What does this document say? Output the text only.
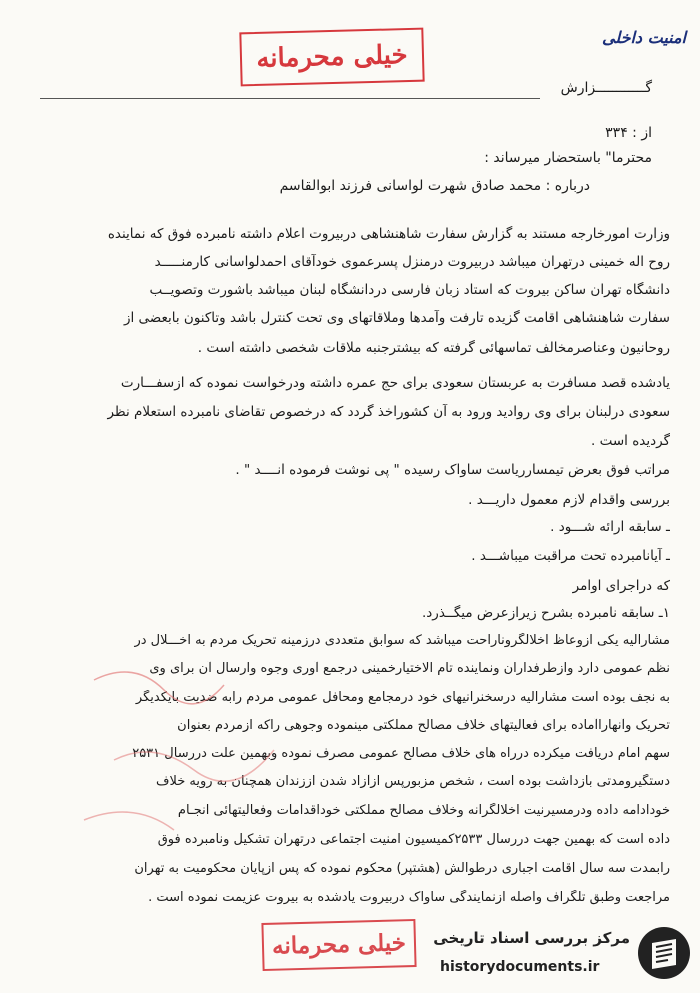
امنیت داخلی
خیلی محرمانه
گــــــــــــزارش
از : ۳۳۴
محترما" باستحضار میرساند :
درباره : محمد صادق شهرت لواسانی فرزند ابوالقاسم
وزارت امورخارجه مستند به گزارش سفارت شاهنشاهی دربیروت اعلام داشته نامبرده فوق که نماینده
روح اله خمینی درتهران میباشد دربیروت درمنزل پسرعموی خودآقای احمدلواسانی کارمنـــــد
دانشگاه تهران ساکن بیروت که استاد زبان فارسی دردانشگاه لبنان میباشد باشورت وتصویــب
سفارت شاهنشاهی اقامت گزیده تارفت وآمدها وملاقاتهای وی تحت کنترل باشد وتاکنون بابعضی از
روحانیون وعناصرمخالف تماسهائی گرفته که بیشترجنبه ملاقات شخصی داشته است .
یادشده قصد مسافرت به عربستان سعودی برای حج عمره داشته ودرخواست نموده که ازسفـــارت
سعودی درلبنان برای وی روادید ورود به آن کشوراخذ گردد که درخصوص تقاضای نامبرده استعلام نظر
گردیده است .
مراتب فوق بعرض تیمساررياست ساواک رسیده " پی نوشت فرموده انــــد " .
بررسی واقدام لازم معمول داریـــد .
ـ سابقه ارائه شـــود .
ـ آیانامبرده تحت مراقبت میباشـــد .
که دراجرای اوامر
۱ـ سابقه نامبرده بشرح زیرازعرض میگــذرد.
مشارالیه یکی ازوعاظ اخلالگروناراحت میباشد که سوابق متعددی درزمینه تحریک مردم به اخـــلال در
نظم عمومی دارد وازطرفداران ونماینده تام الاختیارخمینی درجمع آوری وجوه وارسال آن برای وی
به نجف بوده است مشارالیه درسخنرانیهای خود درمجامع ومحافل عمومی مردم رابه ضدیت بایکدیگر
تحریک وآنهاراآماده برای فعالیتهای خلاف مصالح مملکتی مینموده وجوهی راکه ازمردم بعنوان
سهم امام دریافت میکرده درراه های خلاف مصالح عمومی مصرف نموده وبهمین علت دررسال ۲۵۳۱
دستگیرومدتی بازداشت بوده است ، شخص مزبورپس ازآزاد شدن اززندان همچنان به رویه خلاف
خودادامه داده ودرمسیرنیت اخلالگرانه وخلاف مصالح مملکتی خوداقدامات وفعالیتهائی انجـام
داده است که بهمین جهت دررسال ۲۵۳۳کمیسیون امنیت اجتماعی درتهران تشکیل ونامبرده فوق
رابمدت سه سال اقامت اجباری درطوالش (هشتپر) محکوم نموده که پس ازپایان محکومیت به تهران
مراجعت وطبق تلگراف واصله ازنمایندگی ساواک دربیروت یادشده به بیروت عزیمت نموده است .
خیلی محرمانه	مرکز بررسی اسناد تاریخی
historydocuments.ir
